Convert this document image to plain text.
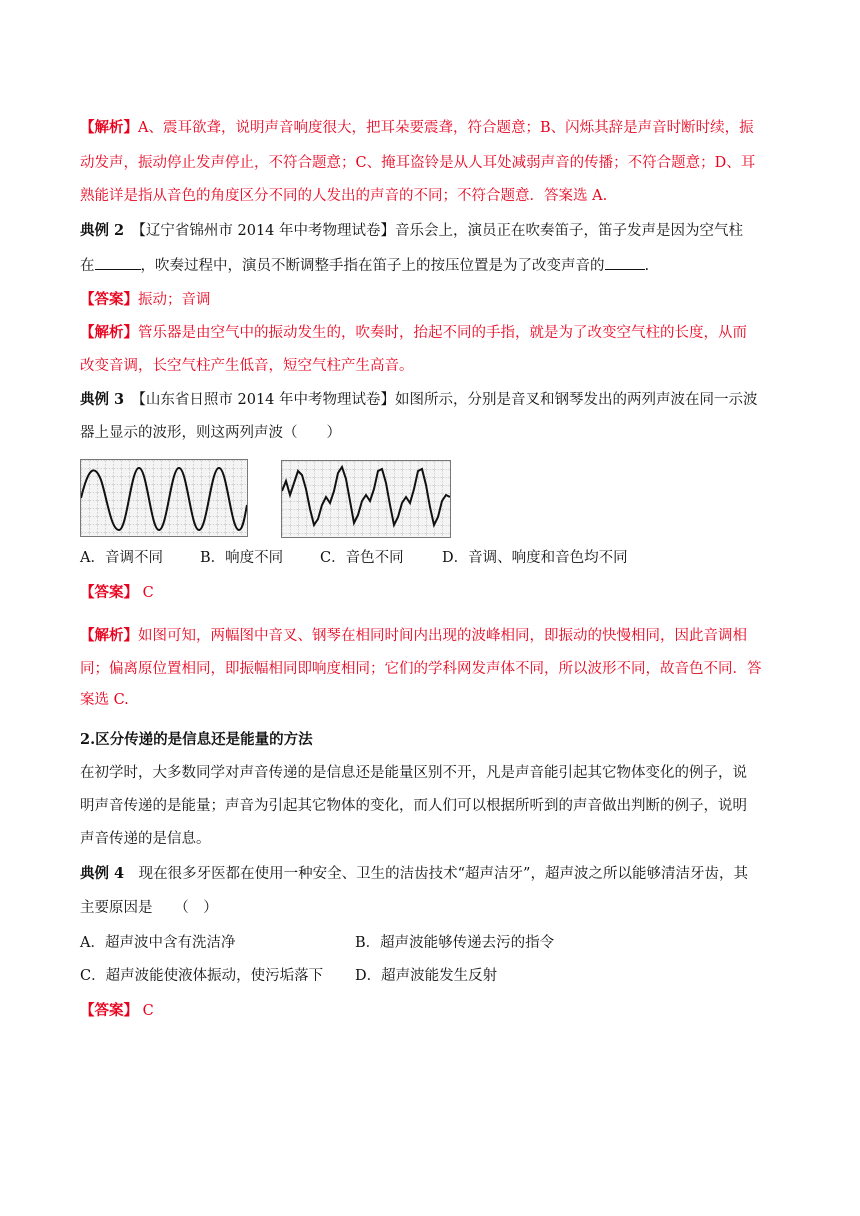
【解析】A、震耳欲聋，说明声音响度很大，把耳朵要震聋，符合题意；B、闪烁其辞是声音时断时续，振
动发声，振动停止发声停止，不符合题意；C、掩耳盗铃是从人耳处减弱声音的传播；不符合题意；D、耳
熟能详是指从音色的角度区分不同的人发出的声音的不同；不符合题意．答案选 A.
典例 2　 【辽宁省锦州市 2014 年中考物理试卷】音乐会上，演员正在吹奏笛子，笛子发声是因为空气柱
在	，吹奏过程中，演员不断调整手指在笛子上的按压位置是为了改变声音的	.
【答案】振动；音调
【解析】管乐器是由空气中的振动发生的，吹奏时，抬起不同的手指，就是为了改变空气柱的长度，从而
改变音调，长空气柱产生低音，短空气柱产生高音。
典例 3　 【山东省日照市 2014 年中考物理试卷】如图所示，分别是音叉和钢琴发出的两列声波在同一示波
器上显示的波形，则这两列声波（　　）
A．音调不同	B．响度不同	C．音色不同	D．音调、响度和音色均不同
【答案】 C
【解析】如图可知，两幅图中音叉、钢琴在相同时间内出现的波峰相同，即振动的快慢相同，因此音调相
同；偏离原位置相同，即振幅相同即响度相同；它们的学科网发声体不同，所以波形不同，故音色不同．答
案选 C.
2.区分传递的是信息还是能量的方法
在初学时，大多数同学对声音传递的是信息还是能量区别不开，凡是声音能引起其它物体变化的例子，说
明声音传递的是能量；声音为引起其它物体的变化，而人们可以根据所听到的声音做出判断的例子，说明
声音传递的是信息。
典例 4　 现在很多牙医都在使用一种安全、卫生的洁齿技术“超声洁牙”，超声波之所以能够清洁牙齿，其
主要原因是　　（　）
A．超声波中含有洗洁净	B．超声波能够传递去污的指令
C．超声波能使液体振动，使污垢落下 D．超声波能发生反射
【答案】 C
